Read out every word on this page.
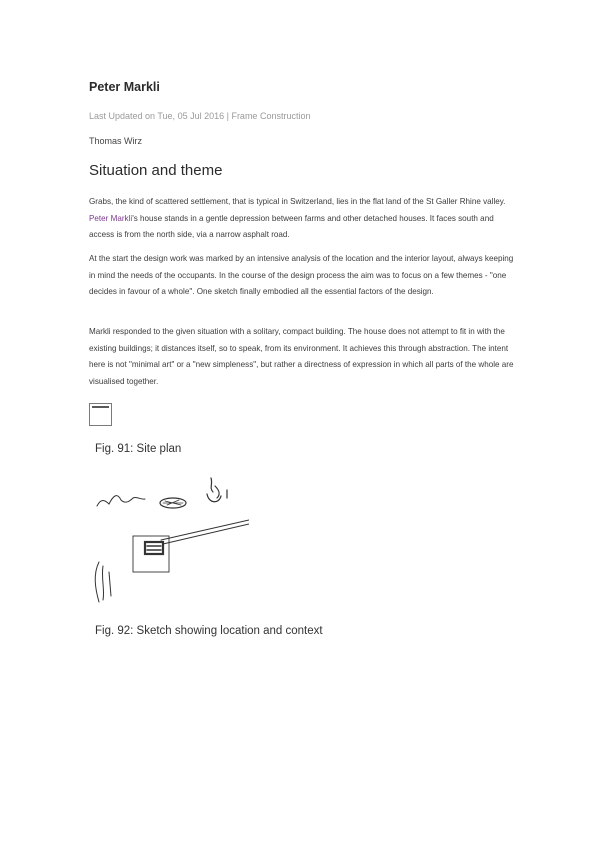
Peter Markli
Last Updated on Tue, 05 Jul 2016 | Frame Construction
Thomas Wirz
Situation and theme

Grabs, the kind of scattered settlement, that is typical in Switzerland, lies in the flat land of the St Galler Rhine valley. Peter Markli's house stands in a gentle depression between farms and other detached houses. It faces south and access is from the north side, via a narrow asphalt road.

At the start the design work was marked by an intensive analysis of the location and the interior layout, always keeping in mind the needs of the occupants. In the course of the design process the aim was to focus on a few themes - "one decides in favour of a whole". One sketch finally embodied all the essential factors of the design.

Markli responded to the given situation with a solitary, compact building. The house does not attempt to fit in with the existing buildings; it distances itself, so to speak, from its environment. It achieves this through abstraction. The intent here is not "minimal art" or a "new simpleness", but rather a directness of expression in which all parts of the whole are visualised together.

Fig. 91: Site plan

Fig. 92: Sketch showing location and context
